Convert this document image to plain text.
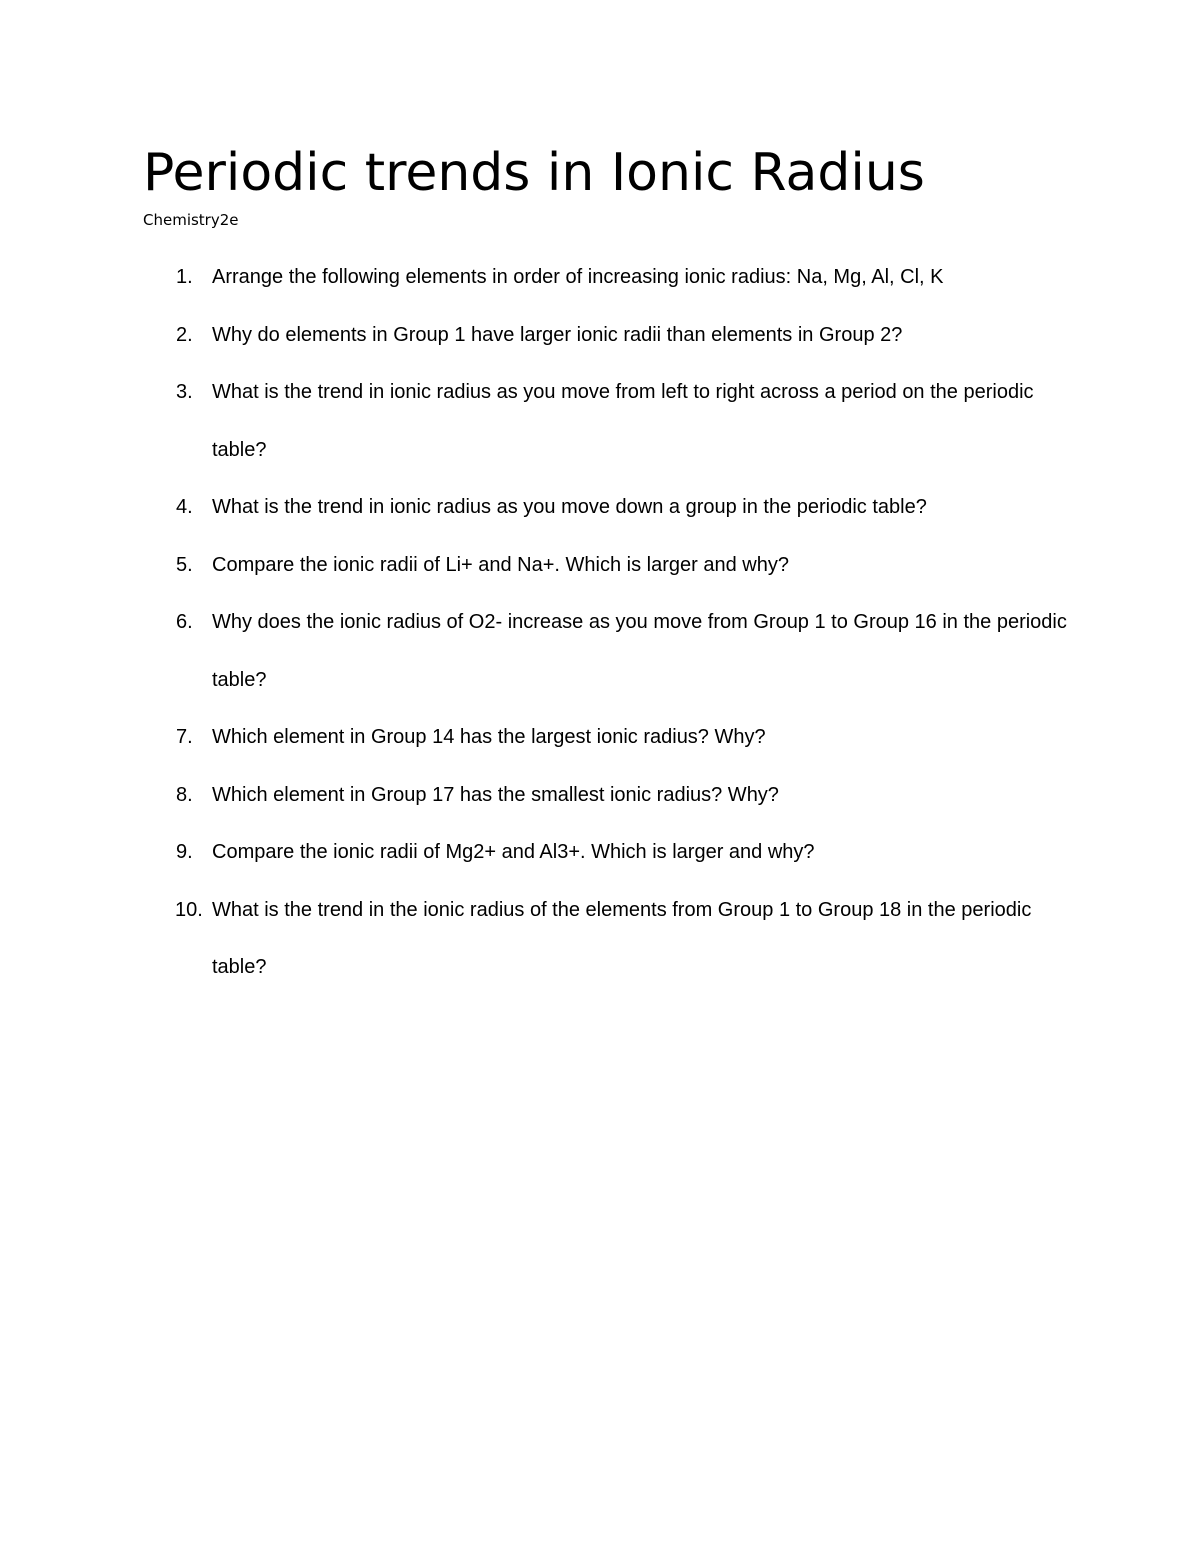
Periodic trends in Ionic Radius
Chemistry2e
1. Arrange the following elements in order of increasing ionic radius: Na, Mg, Al, Cl, K
2. Why do elements in Group 1 have larger ionic radii than elements in Group 2?
3. What is the trend in ionic radius as you move from left to right across a period on the periodic table?
4. What is the trend in ionic radius as you move down a group in the periodic table?
5. Compare the ionic radii of Li+ and Na+. Which is larger and why?
6. Why does the ionic radius of O2- increase as you move from Group 1 to Group 16 in the periodic table?
7. Which element in Group 14 has the largest ionic radius? Why?
8. Which element in Group 17 has the smallest ionic radius? Why?
9. Compare the ionic radii of Mg2+ and Al3+. Which is larger and why?
10. What is the trend in the ionic radius of the elements from Group 1 to Group 18 in the periodic table?
